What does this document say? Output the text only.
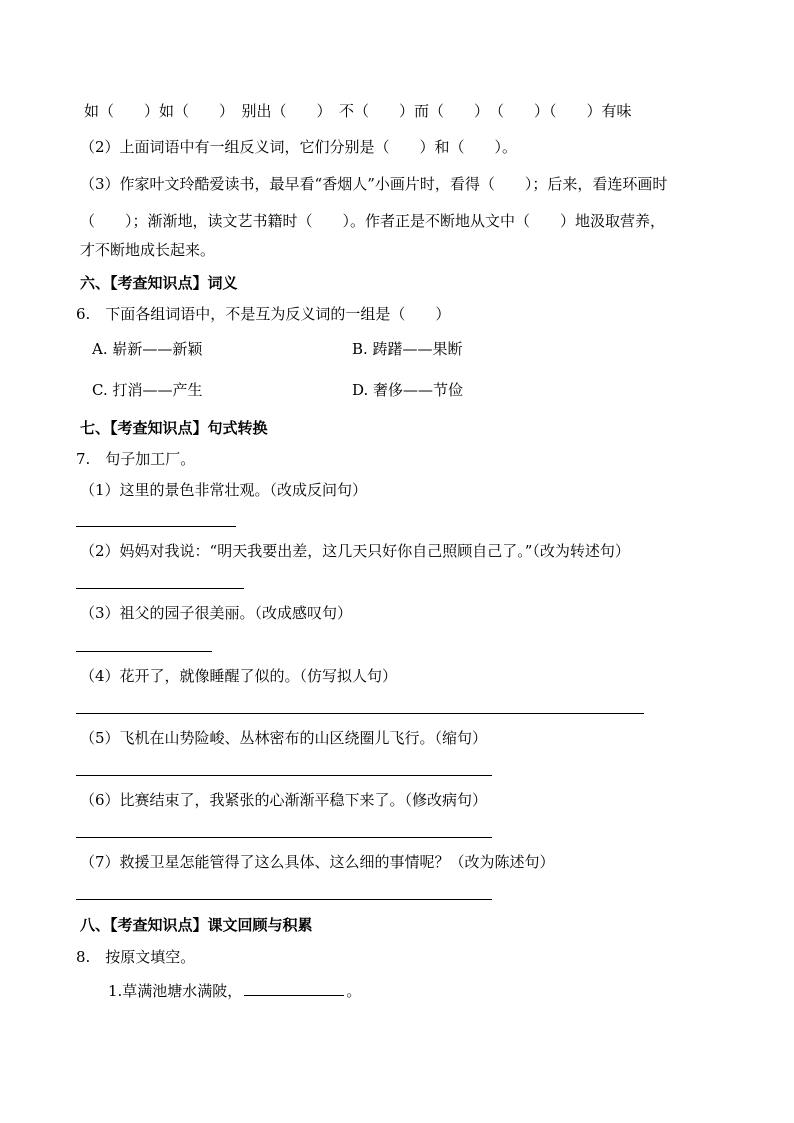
如（　　）如（　　）　别出（　　）　不（　　）而（　　）　（　　）（　　）有味
（2）上面词语中有一组反义词，它们分别是（　　）和（　　）。
（3）作家叶文玲酷爱读书，最早看“香烟人”小画片时，看得（　　）；后来，看连环画时
（　　）；渐渐地，读文艺书籍时（　　）。作者正是不断地从文中（　　）地汲取营养，
才不断地成长起来。
六、【考查知识点】词义
6.　下面各组词语中，不是互为反义词的一组是（　　）
A. 崭新——新颖	B. 踌躇——果断
C. 打消——产生	D. 奢侈——节俭
七、【考查知识点】句式转换
7.　句子加工厂。
（1）这里的景色非常壮观。（改成反问句）
（2）妈妈对我说：“明天我要出差，这几天只好你自己照顾自己了。”（改为转述句）
（3）祖父的园子很美丽。（改成感叹句）
（4）花开了，就像睡醒了似的。（仿写拟人句）
（5）飞机在山势险峻、丛林密布的山区绕圈儿飞行。（缩句）
（6）比赛结束了，我紧张的心渐渐平稳下来了。（修改病句）
（7）救援卫星怎能管得了这么具体、这么细的事情呢？（改为陈述句）
八、【考查知识点】课文回顾与积累
8.　按原文填空。
1.草满池塘水满陂，	。
